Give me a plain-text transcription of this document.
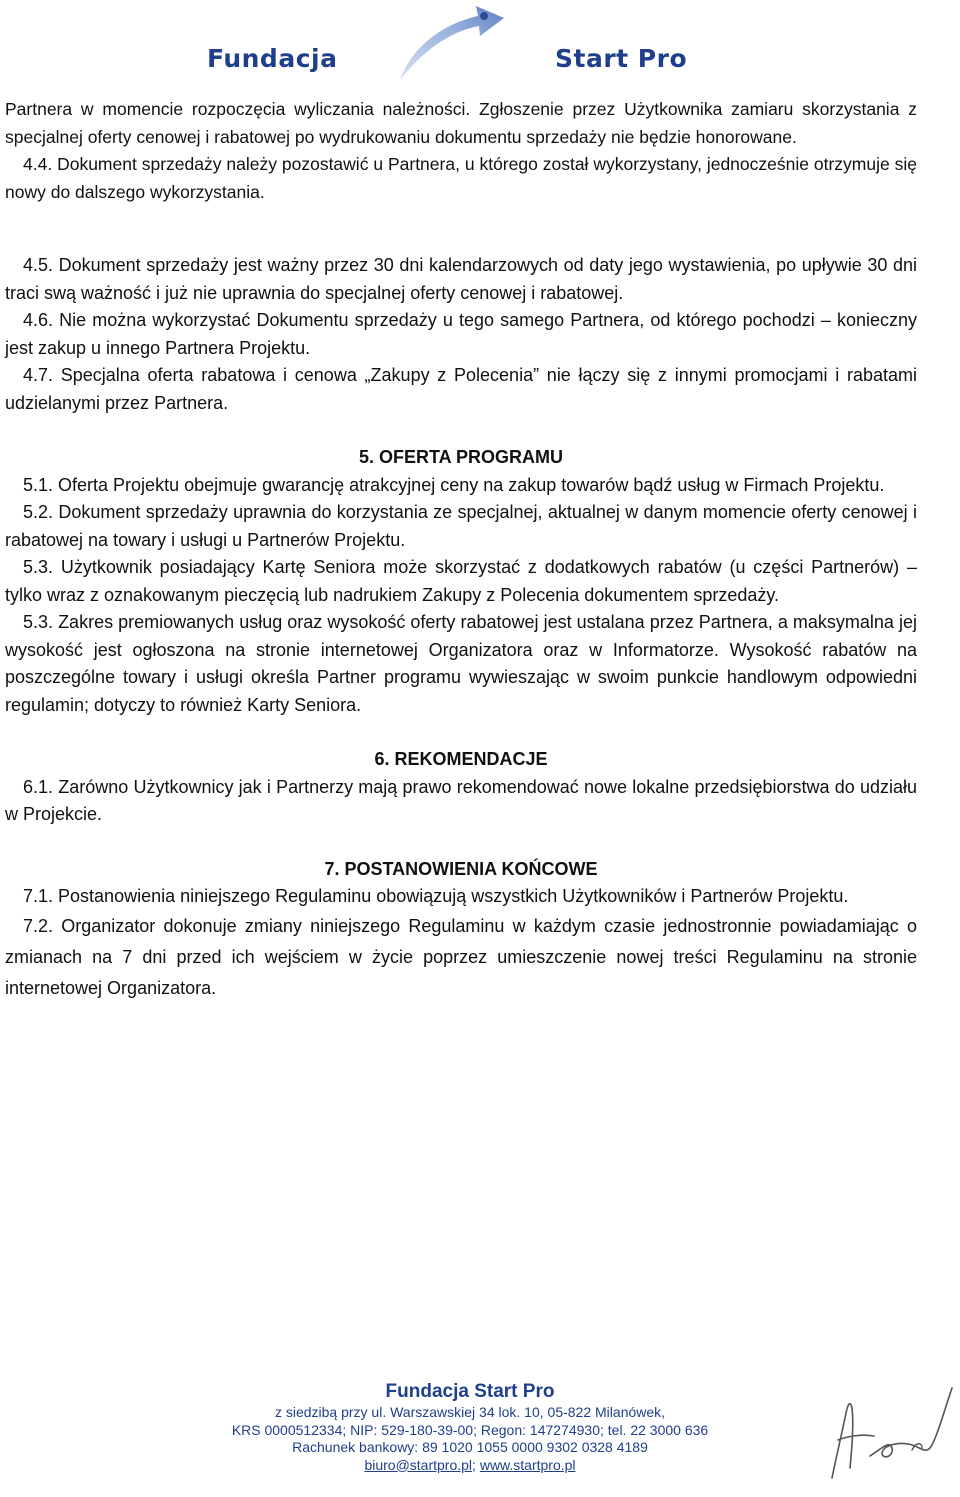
Fundacja	Start Pro

Partnera w momencie rozpoczęcia wyliczania należności. Zgłoszenie przez Użytkownika zamiaru skorzystania z specjalnej oferty cenowej i rabatowej po wydrukowaniu dokumentu sprzedaży nie będzie honorowane.

4.4. Dokument sprzedaży należy pozostawić u Partnera, u którego został wykorzystany, jednocześnie otrzymuje się nowy do dalszego wykorzystania.

4.5. Dokument sprzedaży jest ważny przez 30 dni kalendarzowych od daty jego wystawienia, po upływie 30 dni traci swą ważność i już nie uprawnia do specjalnej oferty cenowej i rabatowej.

4.6. Nie można wykorzystać Dokumentu sprzedaży u tego samego Partnera, od którego pochodzi – konieczny jest zakup u innego Partnera Projektu.

4.7. Specjalna oferta rabatowa i cenowa „Zakupy z Polecenia” nie łączy się z innymi promocjami i rabatami udzielanymi przez Partnera.

5. OFERTA PROGRAMU

5.1. Oferta Projektu obejmuje gwarancję atrakcyjnej ceny na zakup towarów bądź usług w Firmach Projektu.

5.2. Dokument sprzedaży uprawnia do korzystania ze specjalnej, aktualnej w danym momencie oferty cenowej i rabatowej na towary i usługi u Partnerów Projektu.

5.3. Użytkownik posiadający Kartę Seniora może skorzystać z dodatkowych rabatów (u części Partnerów) – tylko wraz z oznakowanym pieczęcią lub nadrukiem Zakupy z Polecenia dokumentem sprzedaży.

5.3. Zakres premiowanych usług oraz wysokość oferty rabatowej jest ustalana przez Partnera, a maksymalna jej wysokość jest ogłoszona na stronie internetowej Organizatora oraz w Informatorze. Wysokość rabatów na poszczególne towary i usługi określa Partner programu wywieszając w swoim punkcie handlowym odpowiedni regulamin; dotyczy to również Karty Seniora.

6. REKOMENDACJE

6.1. Zarówno Użytkownicy jak i Partnerzy mają prawo rekomendować nowe lokalne przedsiębiorstwa do udziału w Projekcie.

7. POSTANOWIENIA KOŃCOWE

7.1. Postanowienia niniejszego Regulaminu obowiązują wszystkich Użytkowników i Partnerów Projektu.

7.2. Organizator dokonuje zmiany niniejszego Regulaminu w każdym czasie jednostronnie powiadamiając o zmianach na 7 dni przed ich wejściem w życie poprzez umieszczenie nowej treści Regulaminu na stronie internetowej Organizatora.

Fundacja Start Pro
z siedzibą przy ul. Warszawskiej 34 lok. 10, 05-822 Milanówek,
KRS 0000512334; NIP: 529-180-39-00; Regon: 147274930; tel. 22 3000 636
Rachunek bankowy: 89 1020 1055 0000 9302 0328 4189
biuro@startpro.pl; www.startpro.pl
